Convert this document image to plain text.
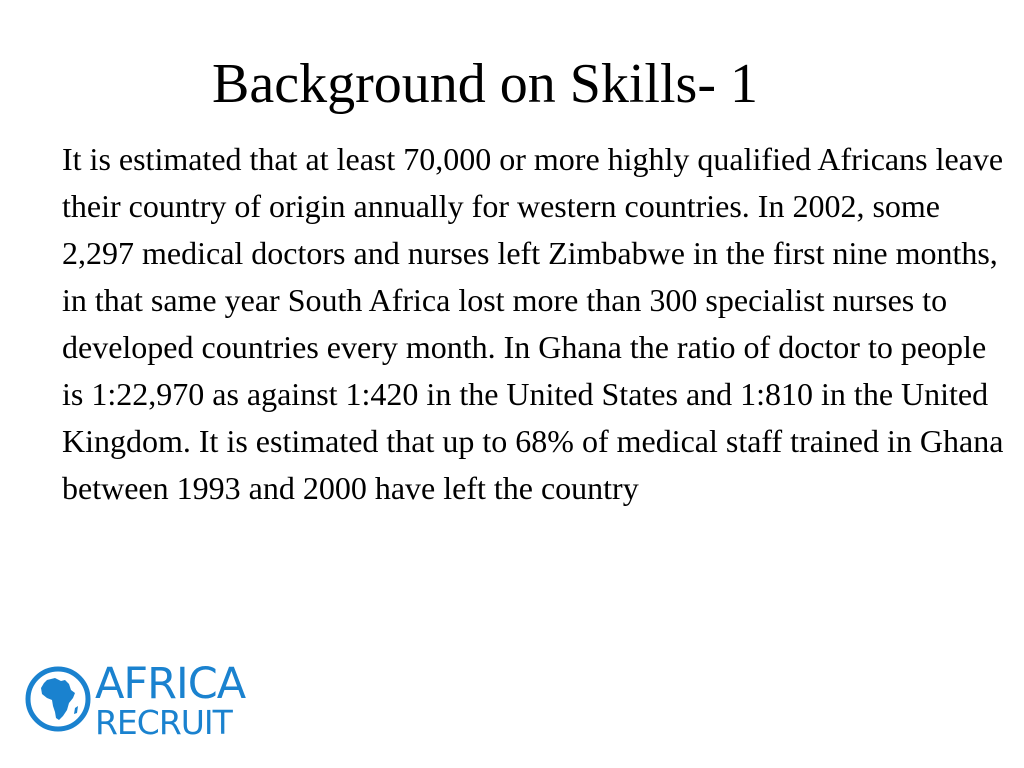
Background on Skills- 1

It is estimated that at least 70,000 or more highly qualified Africans leave their country of origin annually for western countries. In 2002, some 2,297 medical doctors and nurses left Zimbabwe in the first nine months, in that same year South Africa lost more than 300 specialist nurses to developed countries every month. In Ghana the ratio of doctor to people is 1:22,970 as against 1:420 in the United States and 1:810 in the United Kingdom. It is estimated that up to 68% of medical staff trained in Ghana between 1993 and 2000 have left the country

AFRICA
RECRUIT
